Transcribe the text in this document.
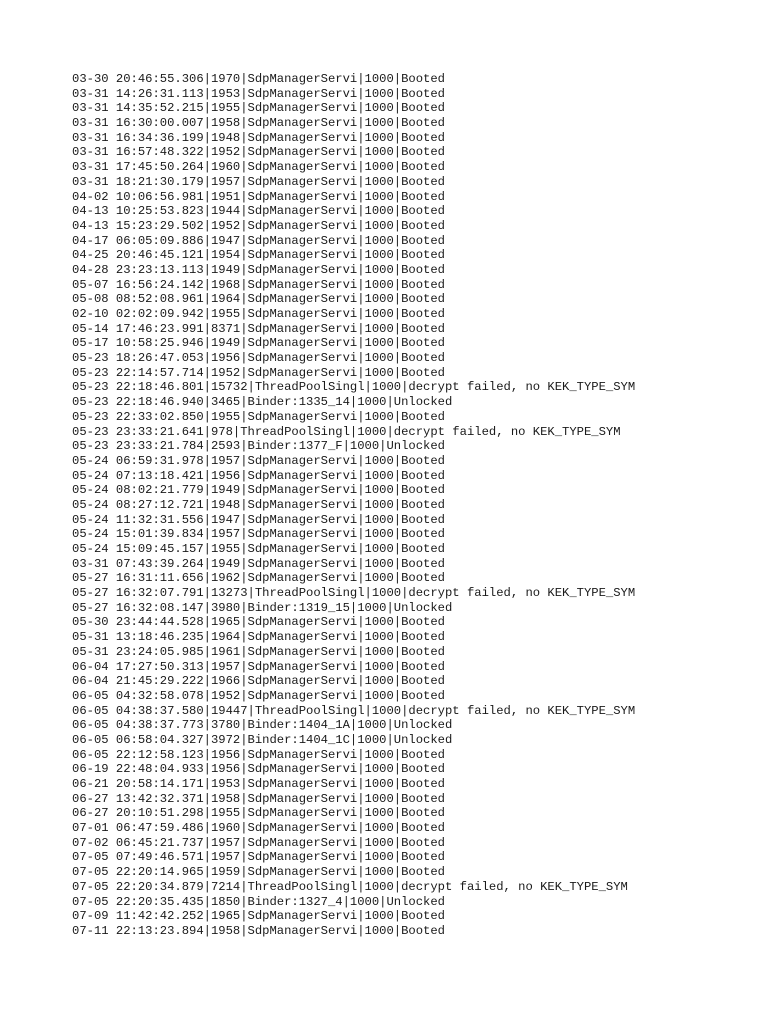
03-30 20:46:55.306|1970|SdpManagerServi|1000|Booted
03-31 14:26:31.113|1953|SdpManagerServi|1000|Booted
03-31 14:35:52.215|1955|SdpManagerServi|1000|Booted
03-31 16:30:00.007|1958|SdpManagerServi|1000|Booted
03-31 16:34:36.199|1948|SdpManagerServi|1000|Booted
03-31 16:57:48.322|1952|SdpManagerServi|1000|Booted
03-31 17:45:50.264|1960|SdpManagerServi|1000|Booted
03-31 18:21:30.179|1957|SdpManagerServi|1000|Booted
04-02 10:06:56.981|1951|SdpManagerServi|1000|Booted
04-13 10:25:53.823|1944|SdpManagerServi|1000|Booted
04-13 15:23:29.502|1952|SdpManagerServi|1000|Booted
04-17 06:05:09.886|1947|SdpManagerServi|1000|Booted
04-25 20:46:45.121|1954|SdpManagerServi|1000|Booted
04-28 23:23:13.113|1949|SdpManagerServi|1000|Booted
05-07 16:56:24.142|1968|SdpManagerServi|1000|Booted
05-08 08:52:08.961|1964|SdpManagerServi|1000|Booted
02-10 02:02:09.942|1955|SdpManagerServi|1000|Booted
05-14 17:46:23.991|8371|SdpManagerServi|1000|Booted
05-17 10:58:25.946|1949|SdpManagerServi|1000|Booted
05-23 18:26:47.053|1956|SdpManagerServi|1000|Booted
05-23 22:14:57.714|1952|SdpManagerServi|1000|Booted
05-23 22:18:46.801|15732|ThreadPoolSingl|1000|decrypt failed, no KEK_TYPE_SYM
05-23 22:18:46.940|3465|Binder:1335_14|1000|Unlocked
05-23 22:33:02.850|1955|SdpManagerServi|1000|Booted
05-23 23:33:21.641|978|ThreadPoolSingl|1000|decrypt failed, no KEK_TYPE_SYM
05-23 23:33:21.784|2593|Binder:1377_F|1000|Unlocked
05-24 06:59:31.978|1957|SdpManagerServi|1000|Booted
05-24 07:13:18.421|1956|SdpManagerServi|1000|Booted
05-24 08:02:21.779|1949|SdpManagerServi|1000|Booted
05-24 08:27:12.721|1948|SdpManagerServi|1000|Booted
05-24 11:32:31.556|1947|SdpManagerServi|1000|Booted
05-24 15:01:39.834|1957|SdpManagerServi|1000|Booted
05-24 15:09:45.157|1955|SdpManagerServi|1000|Booted
03-31 07:43:39.264|1949|SdpManagerServi|1000|Booted
05-27 16:31:11.656|1962|SdpManagerServi|1000|Booted
05-27 16:32:07.791|13273|ThreadPoolSingl|1000|decrypt failed, no KEK_TYPE_SYM
05-27 16:32:08.147|3980|Binder:1319_15|1000|Unlocked
05-30 23:44:44.528|1965|SdpManagerServi|1000|Booted
05-31 13:18:46.235|1964|SdpManagerServi|1000|Booted
05-31 23:24:05.985|1961|SdpManagerServi|1000|Booted
06-04 17:27:50.313|1957|SdpManagerServi|1000|Booted
06-04 21:45:29.222|1966|SdpManagerServi|1000|Booted
06-05 04:32:58.078|1952|SdpManagerServi|1000|Booted
06-05 04:38:37.580|19447|ThreadPoolSingl|1000|decrypt failed, no KEK_TYPE_SYM
06-05 04:38:37.773|3780|Binder:1404_1A|1000|Unlocked
06-05 06:58:04.327|3972|Binder:1404_1C|1000|Unlocked
06-05 22:12:58.123|1956|SdpManagerServi|1000|Booted
06-19 22:48:04.933|1956|SdpManagerServi|1000|Booted
06-21 20:58:14.171|1953|SdpManagerServi|1000|Booted
06-27 13:42:32.371|1958|SdpManagerServi|1000|Booted
06-27 20:10:51.298|1955|SdpManagerServi|1000|Booted
07-01 06:47:59.486|1960|SdpManagerServi|1000|Booted
07-02 06:45:21.737|1957|SdpManagerServi|1000|Booted
07-05 07:49:46.571|1957|SdpManagerServi|1000|Booted
07-05 22:20:14.965|1959|SdpManagerServi|1000|Booted
07-05 22:20:34.879|7214|ThreadPoolSingl|1000|decrypt failed, no KEK_TYPE_SYM
07-05 22:20:35.435|1850|Binder:1327_4|1000|Unlocked
07-09 11:42:42.252|1965|SdpManagerServi|1000|Booted
07-11 22:13:23.894|1958|SdpManagerServi|1000|Booted
